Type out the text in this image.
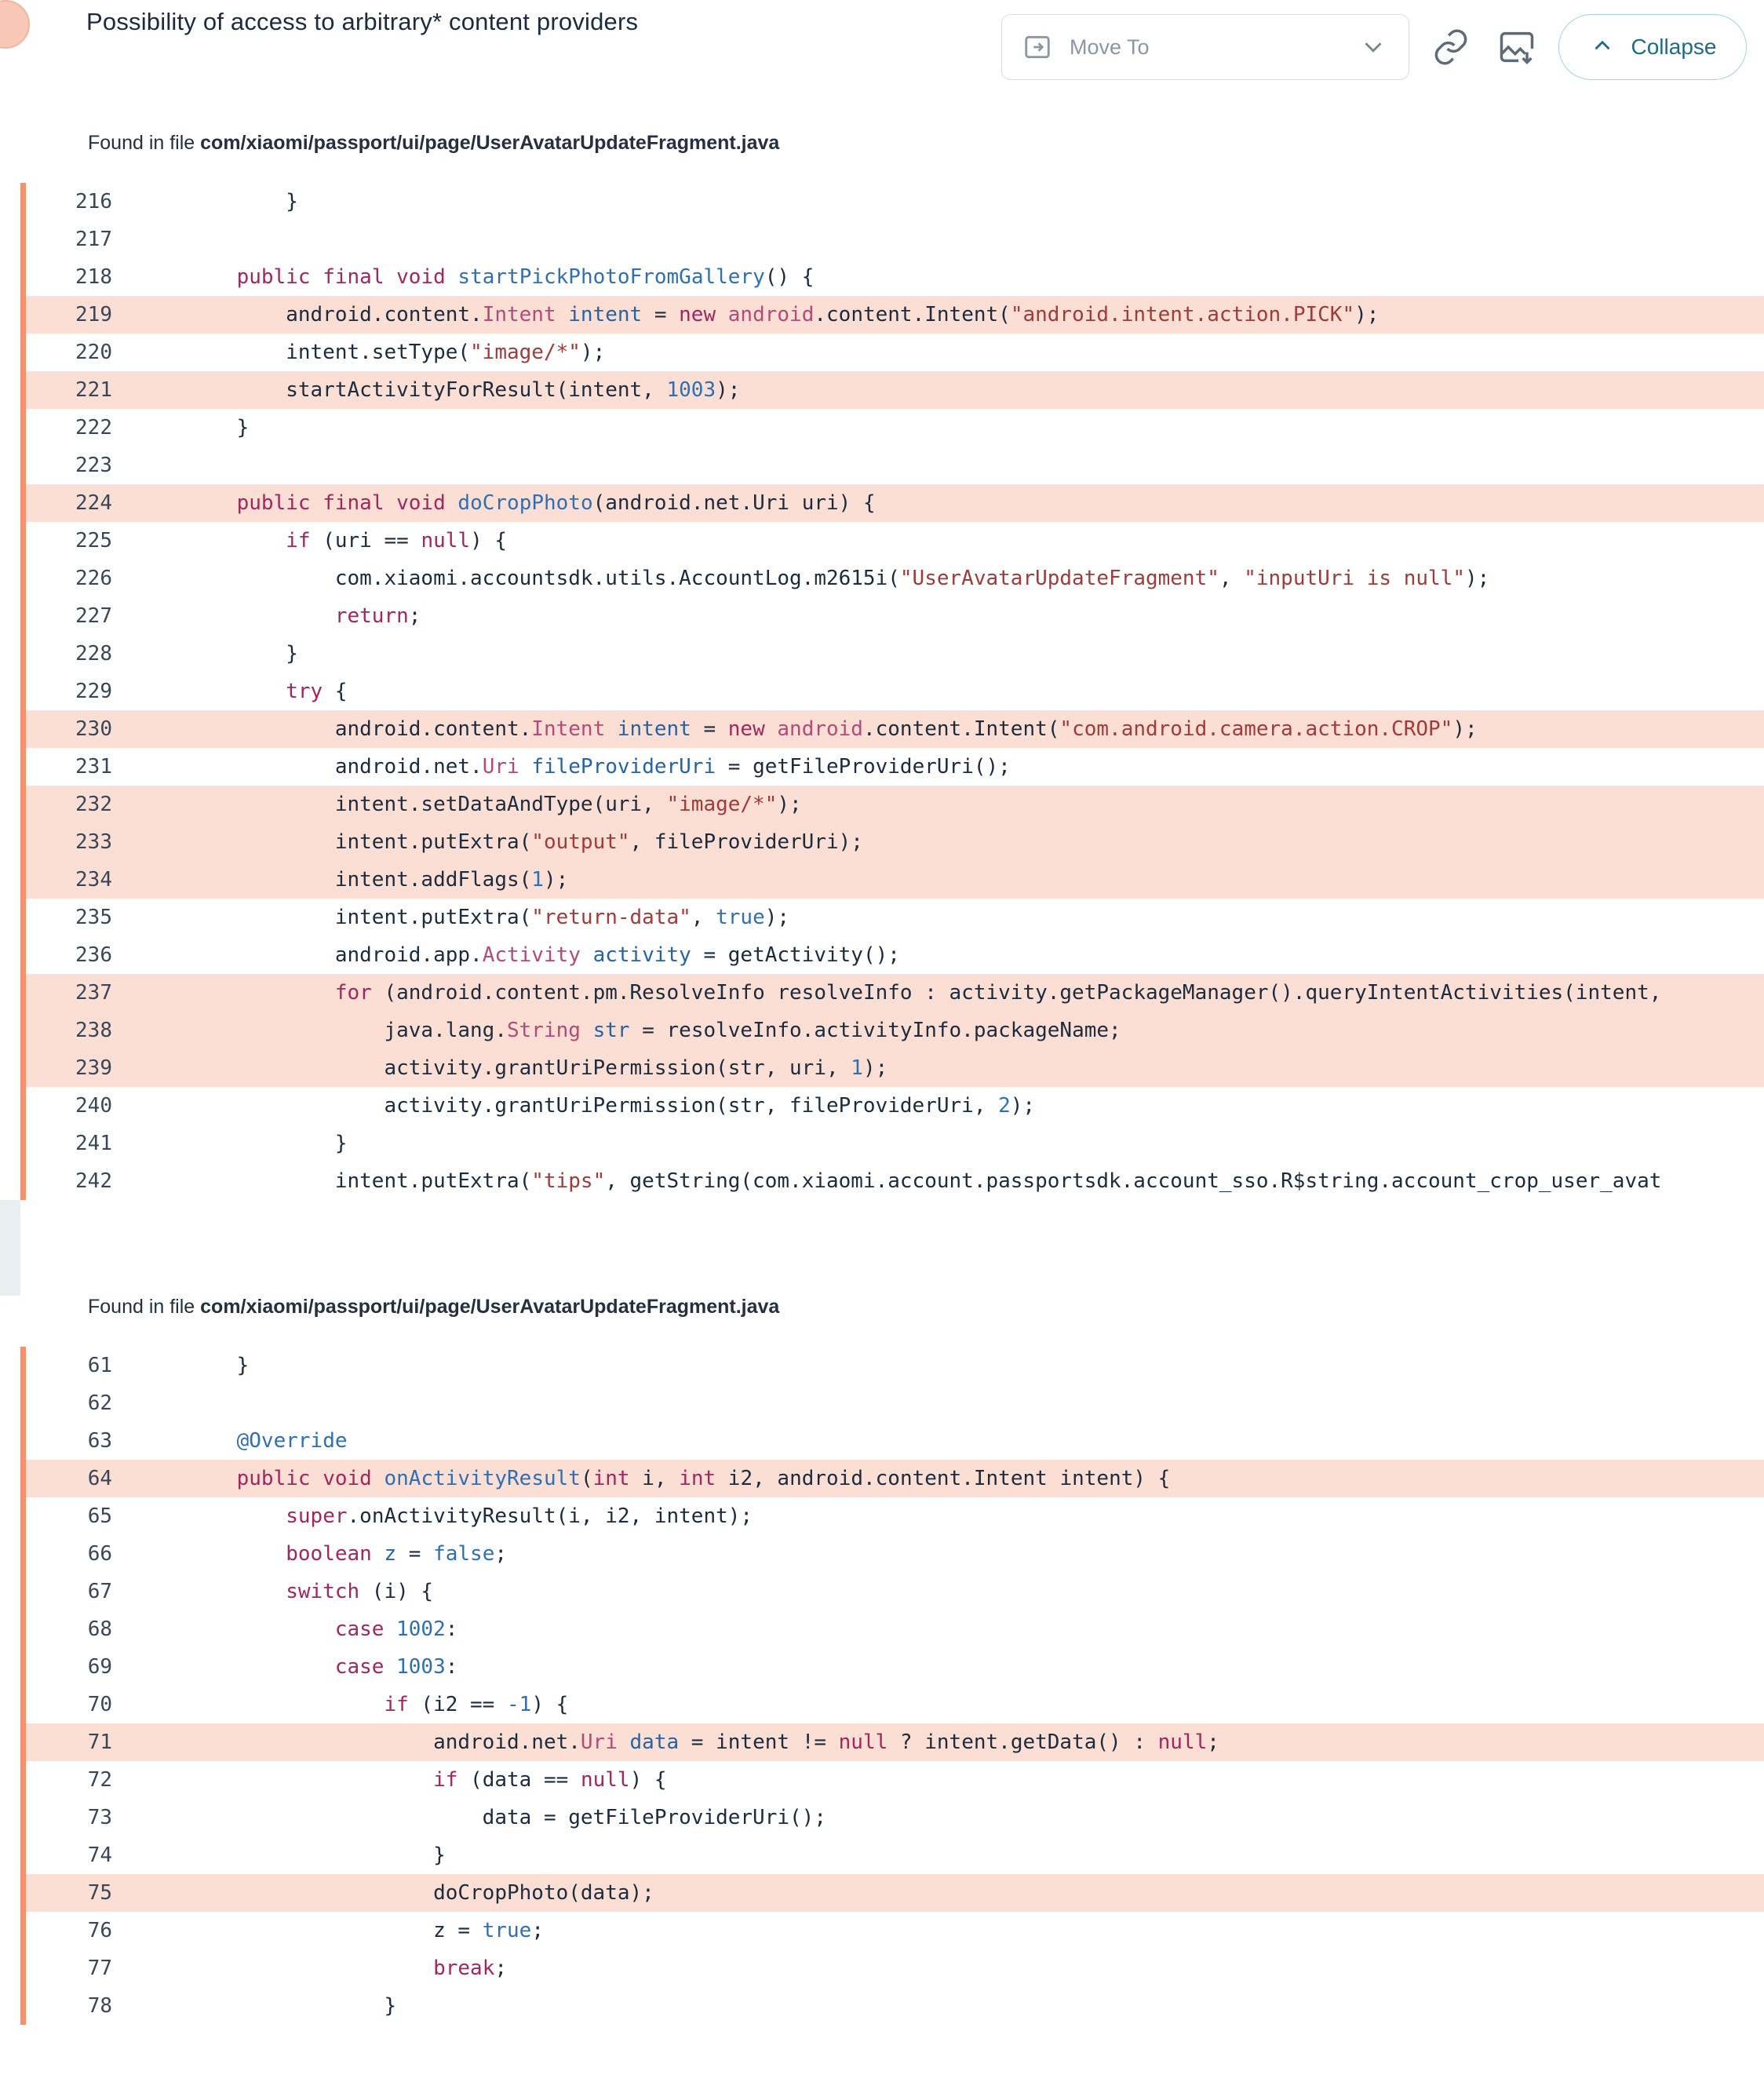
Possibility of access to arbitrary* content providers
Move To	Collapse

Found in file com/xiaomi/passport/ui/page/UserAvatarUpdateFragment.java

216	}
217
218	public final void startPickPhotoFromGallery() {
219	android.content.Intent intent = new android.content.Intent("android.intent.action.PICK");
220	intent.setType("image/*");
221	startActivityForResult(intent, 1003);
222	}
223
224	public final void doCropPhoto(android.net.Uri uri) {
225	if (uri == null) {
226	com.xiaomi.accountsdk.utils.AccountLog.m2615i("UserAvatarUpdateFragment", "inputUri is null");
227	return;
228	}
229	try {
230	android.content.Intent intent = new android.content.Intent("com.android.camera.action.CROP");
231	android.net.Uri fileProviderUri = getFileProviderUri();
232	intent.setDataAndType(uri, "image/*");
233	intent.putExtra("output", fileProviderUri);
234	intent.addFlags(1);
235	intent.putExtra("return-data", true);
236	android.app.Activity activity = getActivity();
237	for (android.content.pm.ResolveInfo resolveInfo : activity.getPackageManager().queryIntentActivities(intent,
238	java.lang.String str = resolveInfo.activityInfo.packageName;
239	activity.grantUriPermission(str, uri, 1);
240	activity.grantUriPermission(str, fileProviderUri, 2);
241	}
242	intent.putExtra("tips", getString(com.xiaomi.account.passportsdk.account_sso.R$string.account_crop_user_avat

Found in file com/xiaomi/passport/ui/page/UserAvatarUpdateFragment.java

61	}
62
63	@Override
64	public void onActivityResult(int i, int i2, android.content.Intent intent) {
65	super.onActivityResult(i, i2, intent);
66	boolean z = false;
67	switch (i) {
68	case 1002:
69	case 1003:
70	if (i2 == -1) {
71	android.net.Uri data = intent != null ? intent.getData() : null;
72	if (data == null) {
73	data = getFileProviderUri();
74	}
75	doCropPhoto(data);
76	z = true;
77	break;
78	}
